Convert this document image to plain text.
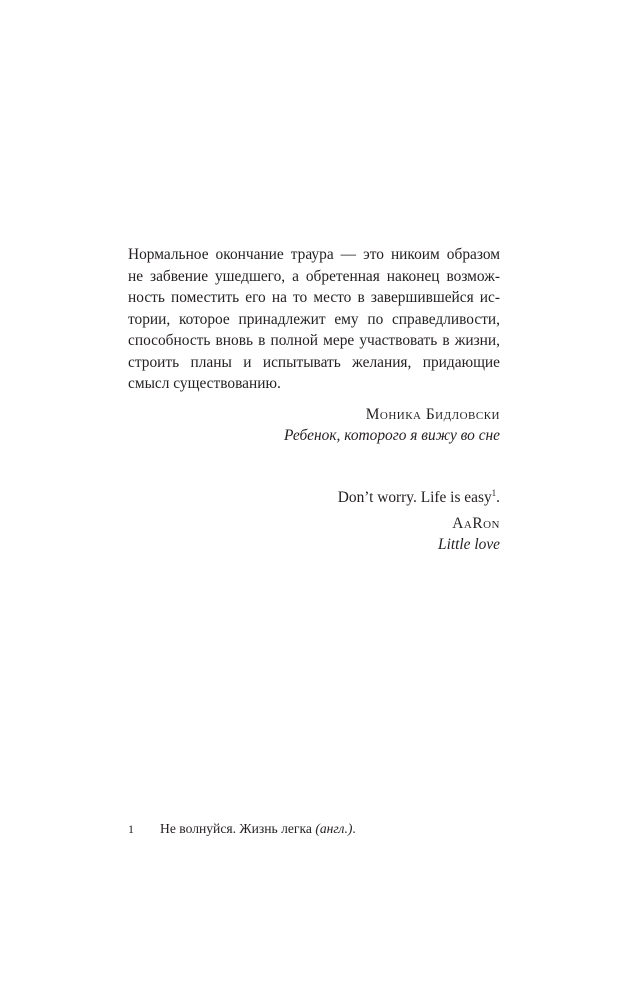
Нормальное окончание траура — это никоим образом
не забвение ушедшего, а обретенная наконец возмож-
ность поместить его на то место в завершившейся ис-
тории, которое принадлежит ему по справедливости,
способность вновь в полной мере участвовать в жизни,
строить планы и испытывать желания, придающие
смысл существованию.
Моника Бидловски
Ребенок, которого я вижу во сне
Don’t worry. Life is easy$^1$.
AaRon
Little love
1 Не волнуйся. Жизнь легка (англ.).
